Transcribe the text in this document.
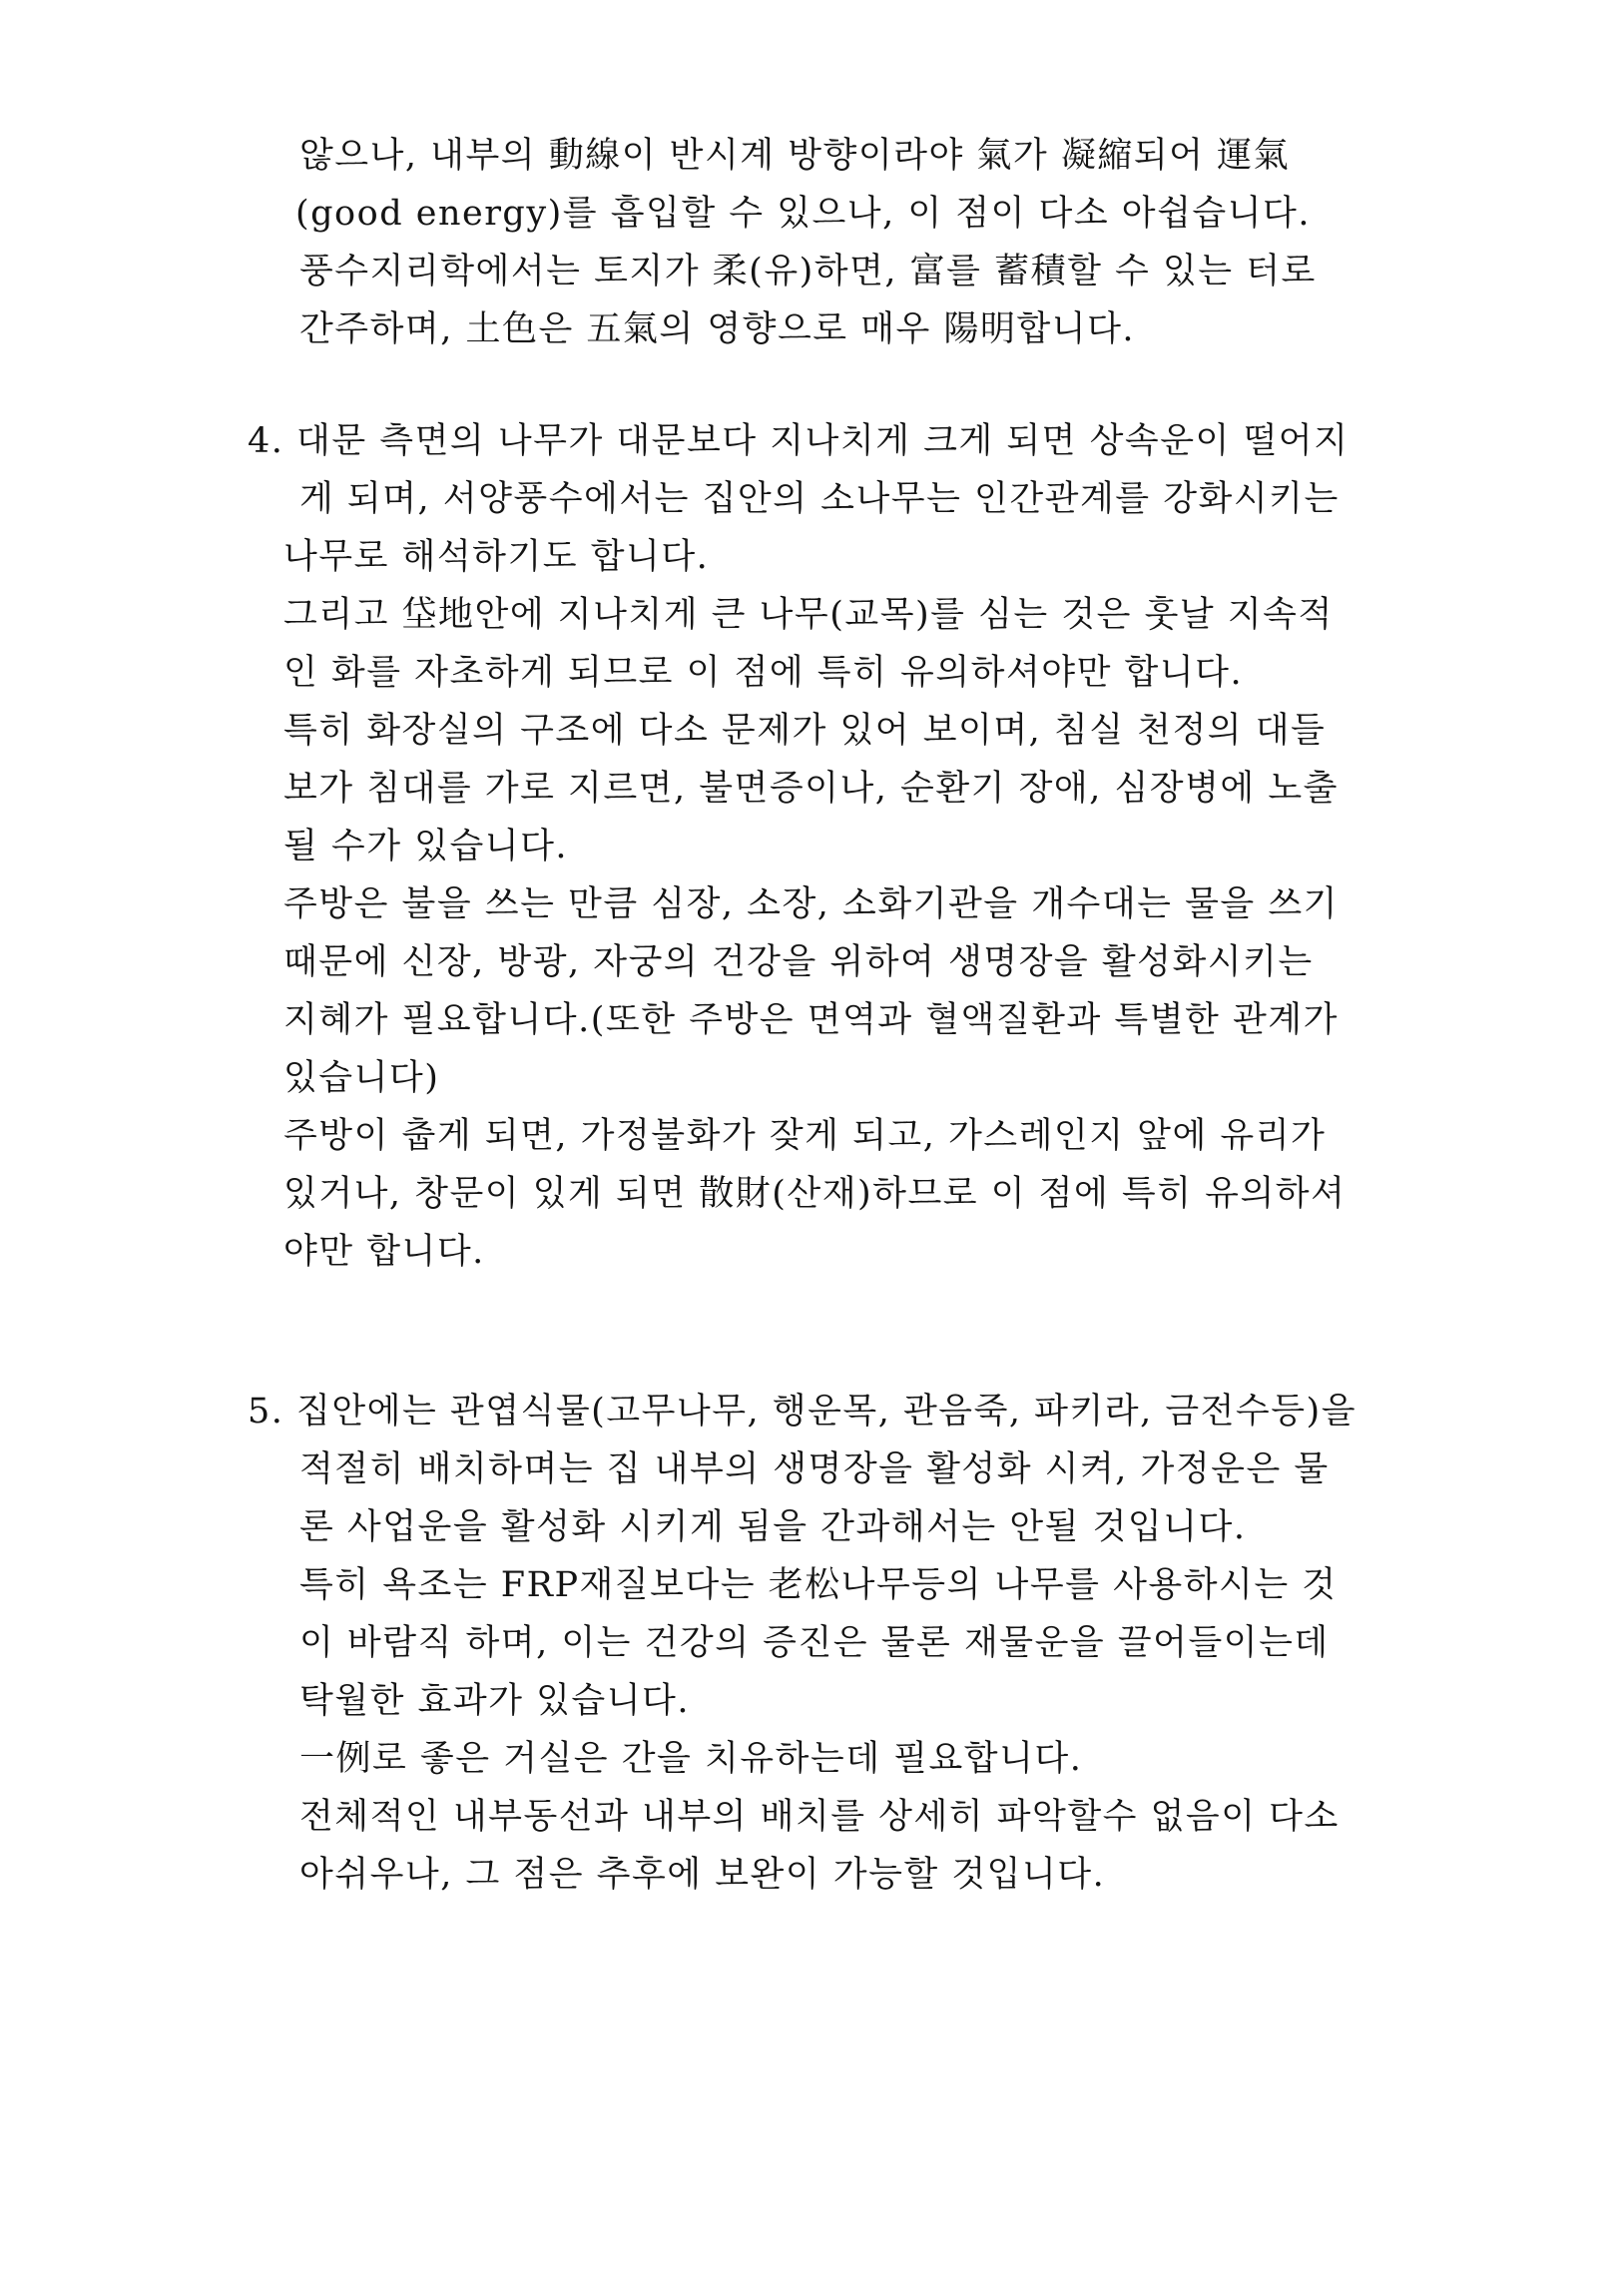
않으나, 내부의 動線이 반시계 방향이라야 氣가 凝縮되어 運氣
(good energy)를 흡입할 수 있으나, 이 점이 다소 아쉽습니다.
풍수지리학에서는 토지가 柔(유)하면, 富를 蓄積할 수 있는 터로
간주하며, 土色은 五氣의 영향으로 매우 陽明합니다.
4. 대문 측면의 나무가 대문보다 지나치게 크게 되면 상속운이 떨어지
게 되며, 서양풍수에서는 집안의 소나무는 인간관계를 강화시키는
나무로 해석하기도 합니다.
그리고 垈地안에 지나치게 큰 나무(교목)를 심는 것은 훗날 지속적
인 화를 자초하게 되므로 이 점에 특히 유의하셔야만 합니다.
특히 화장실의 구조에 다소 문제가 있어 보이며, 침실 천정의 대들
보가 침대를 가로 지르면, 불면증이나, 순환기 장애, 심장병에 노출
될 수가 있습니다.
주방은 불을 쓰는 만큼 심장, 소장, 소화기관을 개수대는 물을 쓰기
때문에 신장, 방광, 자궁의 건강을 위하여 생명장을 활성화시키는
지혜가 필요합니다.(또한 주방은 면역과 혈액질환과 특별한 관계가
있습니다)
주방이 춥게 되면, 가정불화가 잦게 되고, 가스레인지 앞에 유리가
있거나, 창문이 있게 되면 散財(산재)하므로 이 점에 특히 유의하셔
야만 합니다.
5. 집안에는 관엽식물(고무나무, 행운목, 관음죽, 파키라, 금전수등)을
적절히 배치하며는 집 내부의 생명장을 활성화 시켜, 가정운은 물
론 사업운을 활성화 시키게 됨을 간과해서는 안될 것입니다.
특히 욕조는 FRP재질보다는 老松나무등의 나무를 사용하시는 것
이 바람직 하며, 이는 건강의 증진은 물론 재물운을 끌어들이는데
탁월한 효과가 있습니다.
一例로 좋은 거실은 간을 치유하는데 필요합니다.
전체적인 내부동선과 내부의 배치를 상세히 파악할수 없음이 다소
아쉬우나, 그 점은 추후에 보완이 가능할 것입니다.
